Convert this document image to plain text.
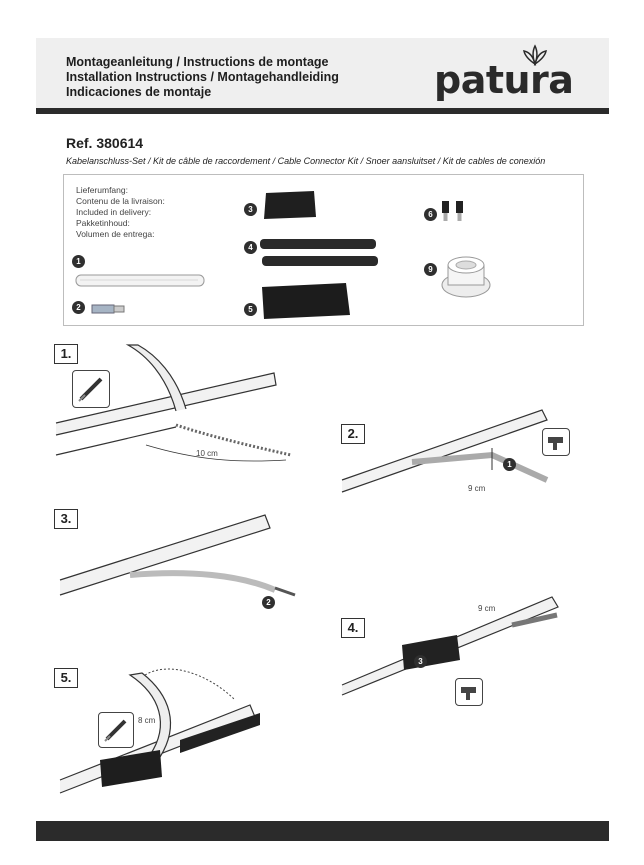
Montageanleitung / Instructions de montage
Installation Instructions / Montagehandleiding
Indicaciones de montaje	patura
Ref. 380614
Kabelanschluss-Set / Kit de câble de raccordement / Cable Connector Kit / Snoer aansluitset / Kit de cables de conexión
Lieferumfang:
Contenu de la livraison:
Included in delivery:
Pakketinhoud:
Volumen de entrega:
1
2
3
4
5
6
9
1.
10 cm
2.
1
9 cm
3.
2
4.
3
9 cm
5.
8 cm
